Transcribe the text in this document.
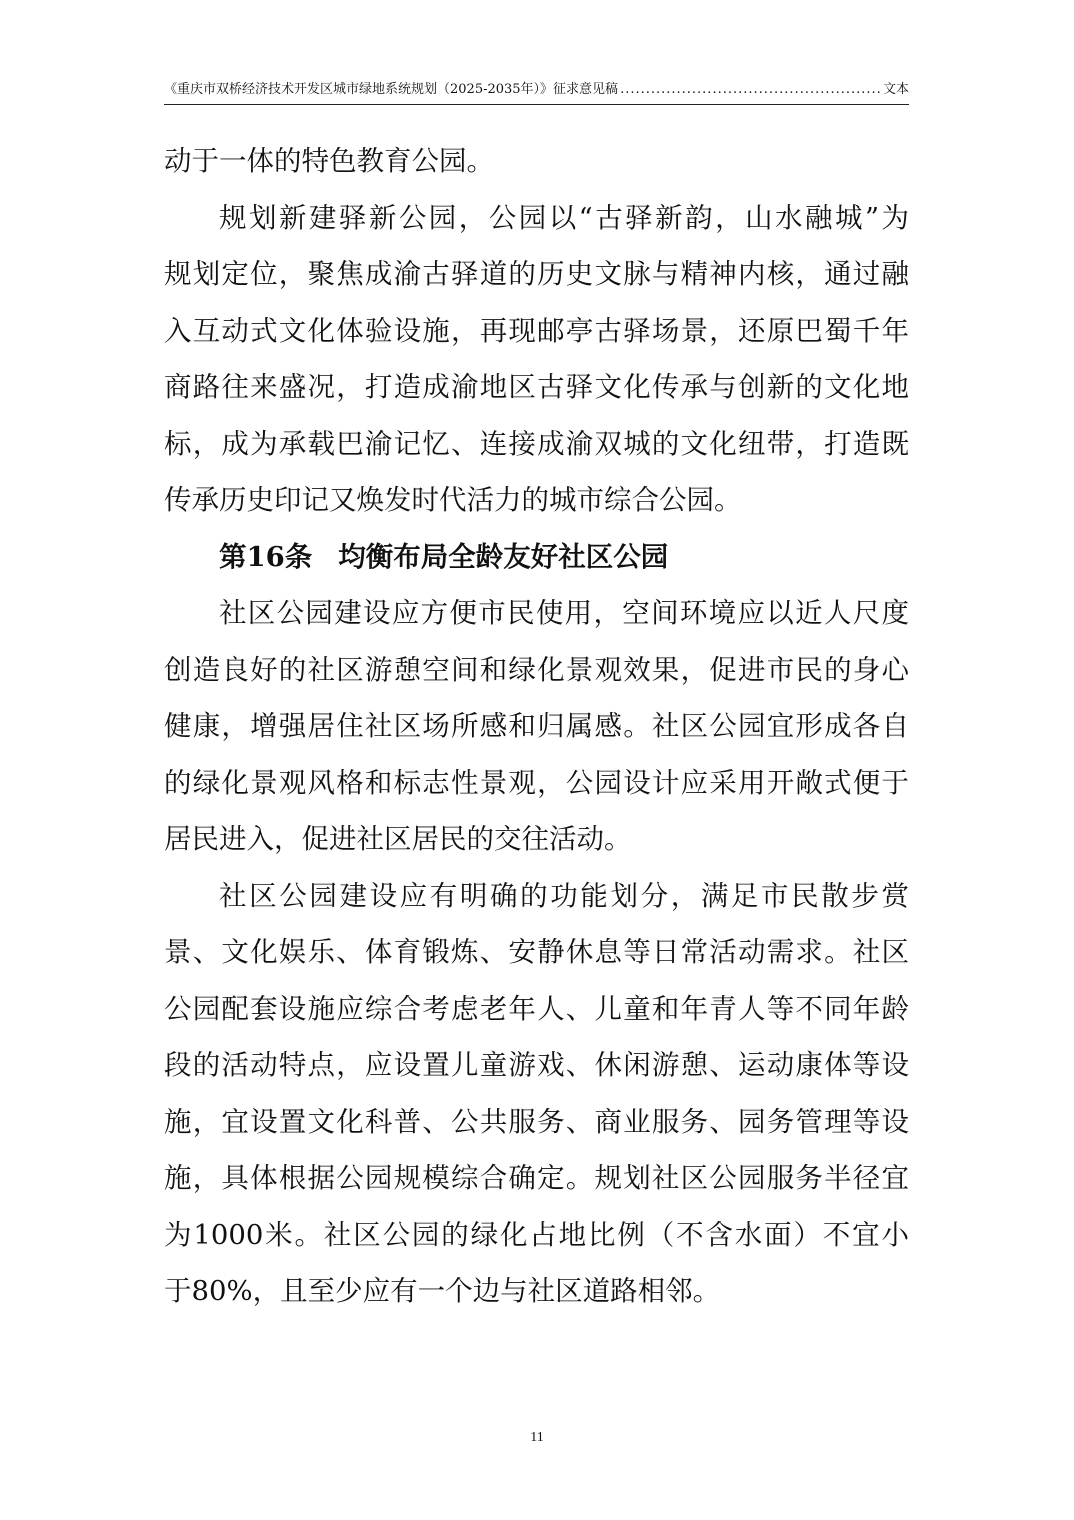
《重庆市双桥经济技术开发区城市绿地系统规划（2025-2035年）》征求意见稿
.....	文本
动于一体的特色教育公园。
规划新建驿新公园，公园以“古驿新韵，山水融城”为
规划定位，聚焦成渝古驿道的历史文脉与精神内核，通过融
入互动式文化体验设施，再现邮亭古驿场景，还原巴蜀千年
商路往来盛况，打造成渝地区古驿文化传承与创新的文化地
标，成为承载巴渝记忆、连接成渝双城的文化纽带，打造既
传承历史印记又焕发时代活力的城市综合公园。
第16条 均衡布局全龄友好社区公园
社区公园建设应方便市民使用，空间环境应以近人尺度
创造良好的社区游憩空间和绿化景观效果，促进市民的身心
健康，增强居住社区场所感和归属感。社区公园宜形成各自
的绿化景观风格和标志性景观，公园设计应采用开敞式便于
居民进入，促进社区居民的交往活动。
社区公园建设应有明确的功能划分，满足市民散步赏
景、文化娱乐、体育锻炼、安静休息等日常活动需求。社区
公园配套设施应综合考虑老年人、儿童和年青人等不同年龄
段的活动特点，应设置儿童游戏、休闲游憩、运动康体等设
施，宜设置文化科普、公共服务、商业服务、园务管理等设
施，具体根据公园规模综合确定。规划社区公园服务半径宜
为1000米。社区公园的绿化占地比例（不含水面）不宜小
于80%，且至少应有一个边与社区道路相邻。
11
